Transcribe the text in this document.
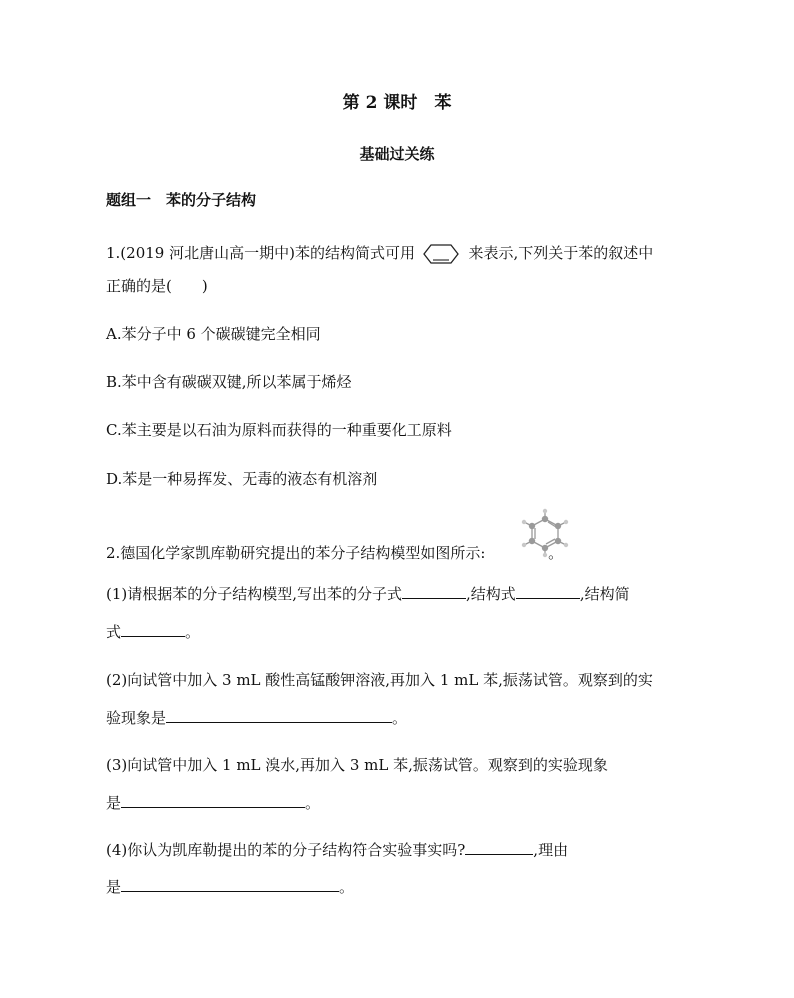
第 2 课时　苯
基础过关练
题组一　苯的分子结构
1.(2019 河北唐山高一期中)苯的结构简式可用	来表示,下列关于苯的叙述中
正确的是(　　)
A.苯分子中 6 个碳碳键完全相同
B.苯中含有碳碳双键,所以苯属于烯烃
C.苯主要是以石油为原料而获得的一种重要化工原料
D.苯是一种易挥发、无毒的液态有机溶剂
2.德国化学家凯库勒研究提出的苯分子结构模型如图所示:	。
(1)请根据苯的分子结构模型,写出苯的分子式	,结构式	,结构简
式	。
(2)向试管中加入 3 mL 酸性高锰酸钾溶液,再加入 1 mL 苯,振荡试管。观察到的实
验现象是	。
(3)向试管中加入 1 mL 溴水,再加入 3 mL 苯,振荡试管。观察到的实验现象
是	。
(4)你认为凯库勒提出的苯的分子结构符合实验事实吗?	,理由
是	。
